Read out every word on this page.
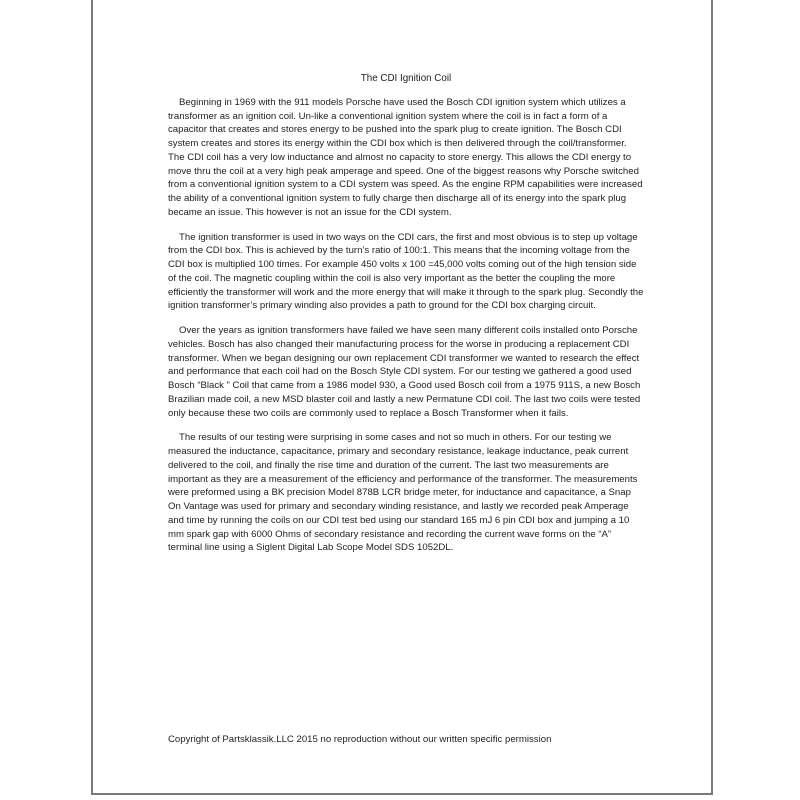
The CDI Ignition Coil

Beginning in 1969 with the 911 models Porsche have used the Bosch CDI ignition system which utilizes a transformer as an ignition coil. Un-like a conventional ignition system where the coil is in fact a form of a capacitor that creates and stores energy to be pushed into the spark plug to create ignition. The Bosch CDI system creates and stores its energy within the CDI box which is then delivered through the coil/transformer. The CDI coil has a very low inductance and almost no capacity to store energy. This allows the CDI energy to move thru the coil at a very high peak amperage and speed. One of the biggest reasons why Porsche switched from a conventional ignition system to a CDI system was speed. As the engine RPM capabilities were increased the ability of a conventional ignition system to fully charge then discharge all of its energy into the spark plug became an issue. This however is not an issue for the CDI system.

The ignition transformer is used in two ways on the CDI cars, the first and most obvious is to step up voltage from the CDI box. This is achieved by the turn’s ratio of 100:1. This means that the incoming voltage from the CDI box is multiplied 100 times. For example 450 volts x 100 =45,000 volts coming out of the high tension side of the coil. The magnetic coupling within the coil is also very important as the better the coupling the more efficiently the transformer will work and the more energy that will make it through to the spark plug. Secondly the ignition transformer’s primary winding also provides a path to ground for the CDI box charging circuit.

Over the years as ignition transformers have failed we have seen many different coils installed onto Porsche vehicles. Bosch has also changed their manufacturing process for the worse in producing a replacement CDI transformer. When we began designing our own replacement CDI transformer we wanted to research the effect and performance that each coil had on the Bosch Style CDI system. For our testing we gathered a good used Bosch “Black ” Coil that came from a 1986 model 930, a Good used Bosch coil from a 1975 911S, a new Bosch Brazilian made coil, a new MSD blaster coil and lastly a new Permatune CDI coil. The last two coils were tested only because these two coils are commonly used to replace a Bosch Transformer when it fails.

The results of our testing were surprising in some cases and not so much in others. For our testing we measured the inductance, capacitance, primary and secondary resistance, leakage inductance, peak current delivered to the coil, and finally the rise time and duration of the current. The last two measurements are important as they are a measurement of the efficiency and performance of the transformer. The measurements were preformed using a BK precision Model 878B LCR bridge meter, for inductance and capacitance, a Snap On Vantage was used for primary and secondary winding resistance, and lastly we recorded peak Amperage and time by running the coils on our CDI test bed using our standard 165 mJ 6 pin CDI box and jumping a 10 mm spark gap with 6000 Ohms of secondary resistance and recording the current wave forms on the “A” terminal line using a Siglent Digital Lab Scope Model SDS 1052DL.

Copyright of Partsklassik.LLC 2015 no reproduction without our written specific permission
